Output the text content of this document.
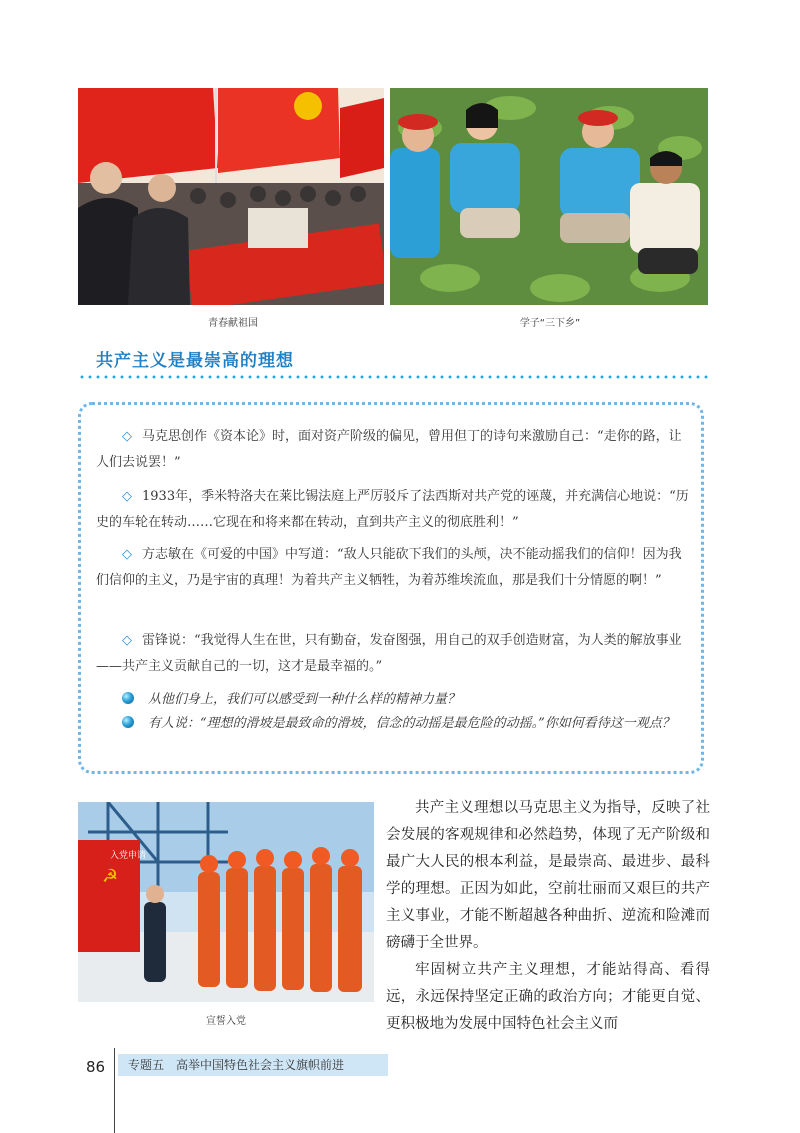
青春献祖国	学子“三下乡”
共产主义是最崇高的理想

◇ 马克思创作《资本论》时，面对资产阶级的偏见，曾用但丁的诗句来激励自己：“走你的路，让人们去说罢！”

◇ 1933年，季米特洛夫在莱比锡法庭上严厉驳斥了法西斯对共产党的诬蔑，并充满信心地说：“历史的车轮在转动……它现在和将来都在转动，直到共产主义的彻底胜利！”

◇ 方志敏在《可爱的中国》中写道：“敌人只能砍下我们的头颅，决不能动摇我们的信仰！因为我们信仰的主义，乃是宇宙的真理！为着共产主义牺牲，为着苏维埃流血，那是我们十分情愿的啊！”

◇ 雷锋说：“我觉得人生在世，只有勤奋，发奋图强，用自己的双手创造财富，为人类的解放事业——共产主义贡献自己的一切，这才是最幸福的。”

从他们身上，我们可以感受到一种什么样的精神力量？
有人说：“理想的滑坡是最致命的滑坡，信念的动摇是最危险的动摇。”你如何看待这一观点？
☭
入党申请
宣誓入党

共产主义理想以马克思主义为指导，反映了社会发展的客观规律和必然趋势，体现了无产阶级和最广大人民的根本利益，是最崇高、最进步、最科学的理想。正因为如此，空前壮丽而又艰巨的共产主义事业，才能不断超越各种曲折、逆流和险滩而磅礴于全世界。

牢固树立共产主义理想，才能站得高、看得远，永远保持坚定正确的政治方向；才能更自觉、更积极地为发展中国特色社会主义而

86	专题五　高举中国特色社会主义旗帜前进
